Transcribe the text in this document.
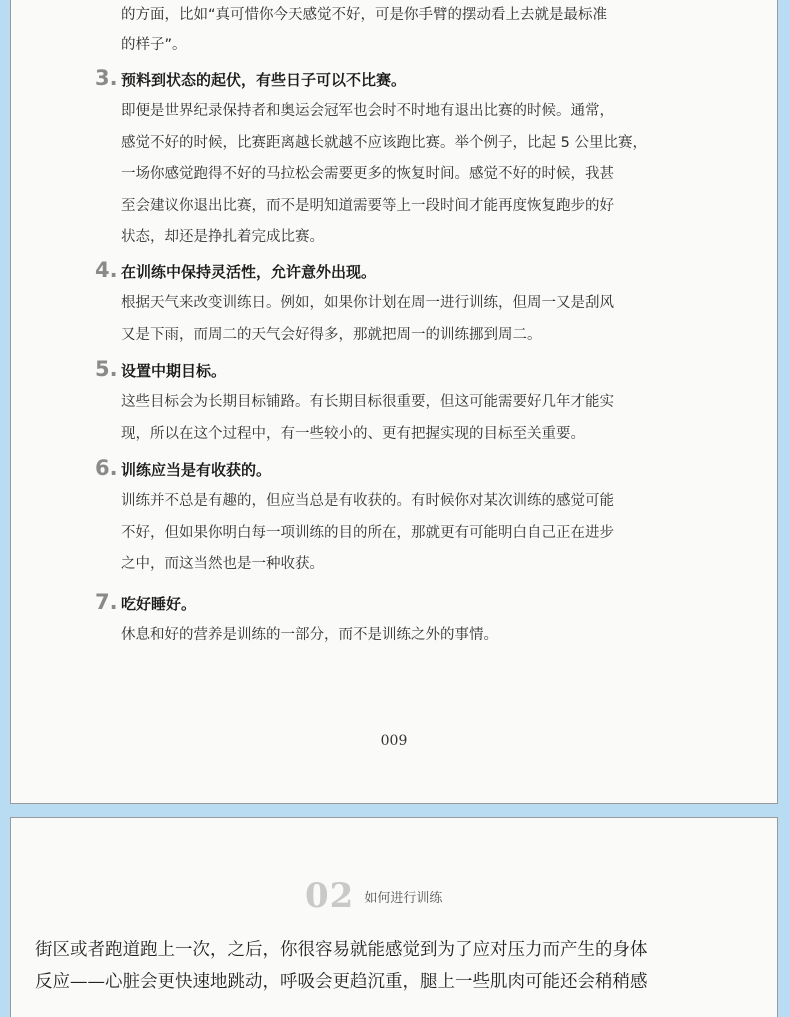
的方面，比如“真可惜你今天感觉不好，可是你手臂的摆动看上去就是最标准

的样子”。

3. 预料到状态的起伏，有些日子可以不比赛。

即便是世界纪录保持者和奥运会冠军也会时不时地有退出比赛的时候。通常，

感觉不好的时候，比赛距离越长就越不应该跑比赛。举个例子，比起 5 公里比赛，

一场你感觉跑得不好的马拉松会需要更多的恢复时间。感觉不好的时候，我甚

至会建议你退出比赛，而不是明知道需要等上一段时间才能再度恢复跑步的好

状态，却还是挣扎着完成比赛。

4. 在训练中保持灵活性，允许意外出现。

根据天气来改变训练日。例如，如果你计划在周一进行训练，但周一又是刮风

又是下雨，而周二的天气会好得多，那就把周一的训练挪到周二。

5. 设置中期目标。

这些目标会为长期目标铺路。有长期目标很重要，但这可能需要好几年才能实

现，所以在这个过程中，有一些较小的、更有把握实现的目标至关重要。

6. 训练应当是有收获的。

训练并不总是有趣的，但应当总是有收获的。有时候你对某次训练的感觉可能

不好，但如果你明白每一项训练的目的所在，那就更有可能明白自己正在进步

之中，而这当然也是一种收获。

7. 吃好睡好。

休息和好的营养是训练的一部分，而不是训练之外的事情。

009
02 如何进行训练

街区或者跑道跑上一次，之后，你很容易就能感觉到为了应对压力而产生的身体

反应——心脏会更快速地跳动，呼吸会更趋沉重，腿上一些肌肉可能还会稍稍感
